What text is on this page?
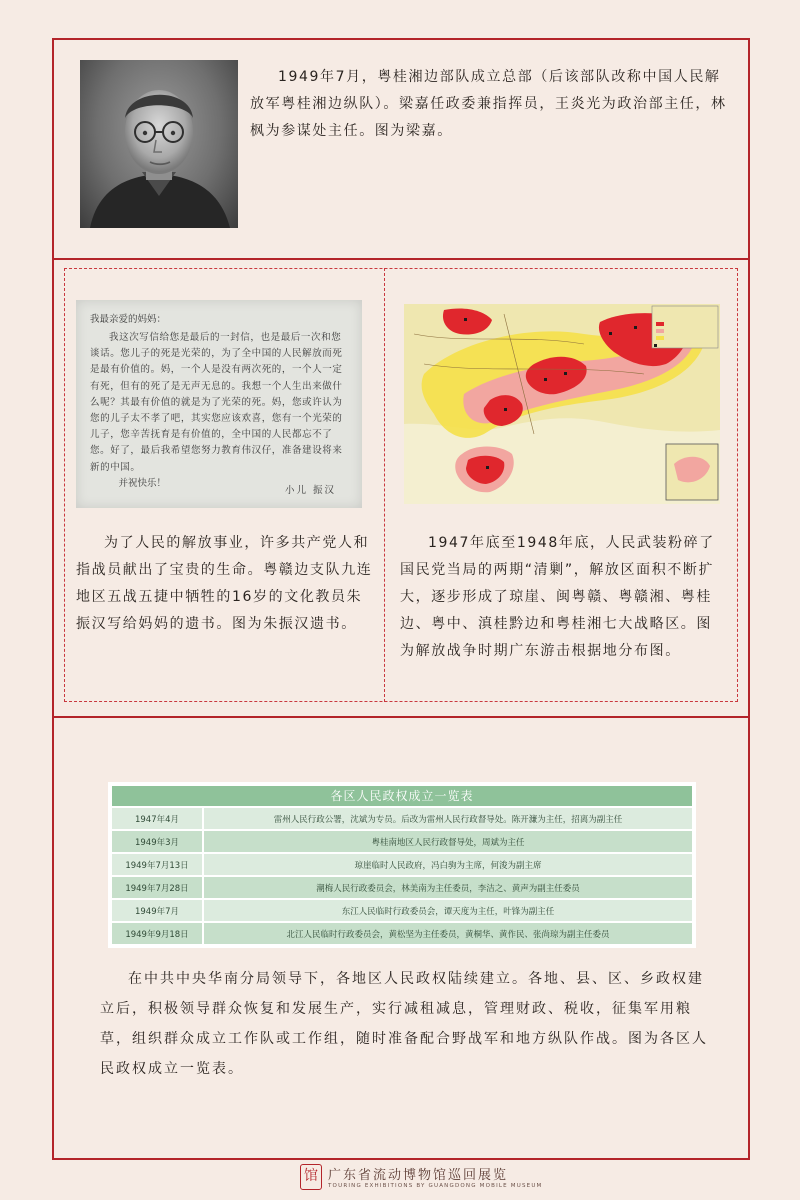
1949年7月，粤桂湘边部队成立总部（后该部队改称中国人民解放军粤桂湘边纵队）。梁嘉任政委兼指挥员，王炎光为政治部主任，林枫为参谋处主任。图为梁嘉。

我最亲爱的妈妈：

我这次写信给您是最后的一封信，也是最后一次和您谈话。您儿子的死是光荣的，为了全中国的人民解放而死是最有价值的。妈，一个人是没有两次死的，一个人一定有死，但有的死了是无声无息的。我想一个人生出来做什么呢？其最有价值的就是为了光荣的死。妈，您或许认为您的儿子太不孝了吧，其实您应该欢喜，您有一个光荣的儿子，您辛苦抚育是有价值的，全中国的人民都忘不了您。好了，最后我希望您努力教育伟汉仔，准备建设将来新的中国。

并祝快乐！

小儿 振汉

为了人民的解放事业，许多共产党人和指战员献出了宝贵的生命。粤赣边支队九连地区五战五捷中牺牲的16岁的文化教员朱振汉写给妈妈的遗书。图为朱振汉遗书。

1947年底至1948年底，人民武装粉碎了国民党当局的两期“清剿”，解放区面积不断扩大，逐步形成了琼崖、闽粤赣、粤赣湘、粤桂边、粤中、滇桂黔边和粤桂湘七大战略区。图为解放战争时期广东游击根据地分布图。

各区人民政权成立一览表
1947年4月	雷州人民行政公署，沈斌为专员。后改为雷州人民行政督导处。陈开濂为主任，招离为副主任
1949年3月	粤桂南地区人民行政督导处，周斌为主任
1949年7月13日	琼崖临时人民政府，冯白驹为主席，何浚为副主席
1949年7月28日	潮梅人民行政委员会，林美南为主任委员，李洁之、黄声为副主任委员
1949年7月	东江人民临时行政委员会，谭天度为主任，叶锋为副主任
1949年9月18日	北江人民临时行政委员会，黄松坚为主任委员，黄桐华、黄作民、张尚琼为副主任委员

在中共中央华南分局领导下，各地区人民政权陆续建立。各地、县、区、乡政权建立后，积极领导群众恢复和发展生产，实行减租减息，管理财政、税收，征集军用粮草，组织群众成立工作队或工作组，随时准备配合野战军和地方纵队作战。图为各区人民政权成立一览表。

馆 广东省流动博物馆巡回展览
TOURING EXHIBITIONS BY GUANGDONG MOBILE MUSEUM
